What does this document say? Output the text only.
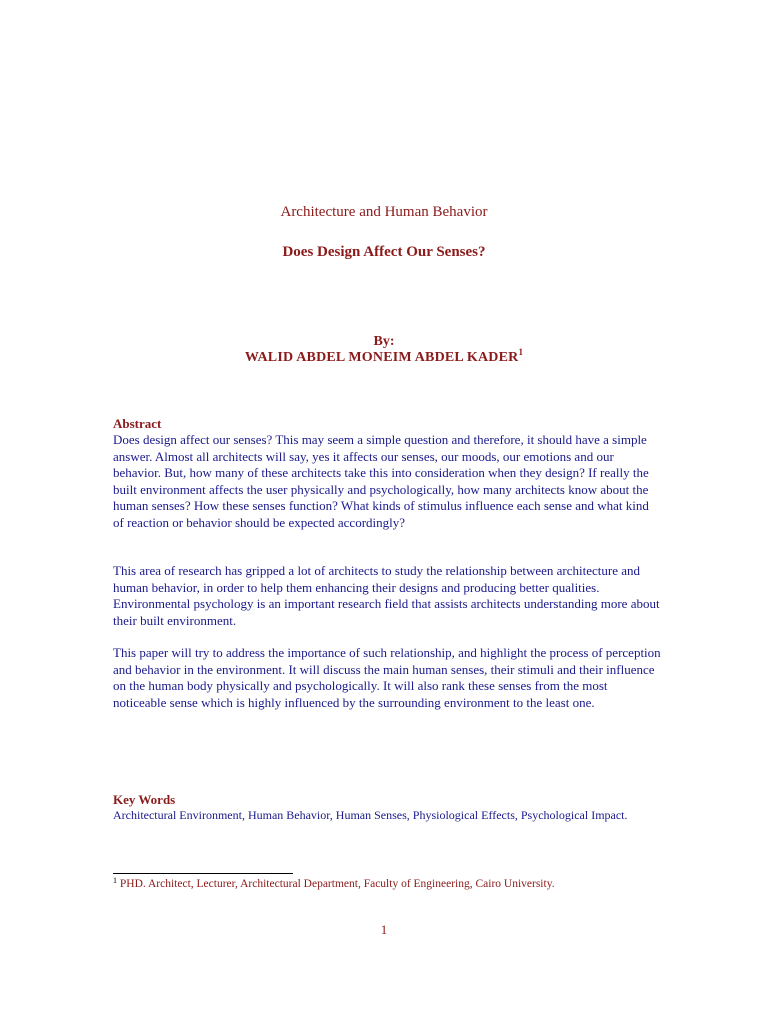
Architecture and Human Behavior
Does Design Affect Our Senses?
By:
WALID ABDEL MONEIM ABDEL KADER$^1$
Abstract
Does design affect our senses? This may seem a simple question and therefore, it should have a simple answer. Almost all architects will say, yes it affects our senses, our moods, our emotions and our behavior. But, how many of these architects take this into consideration when they design? If really the built environment affects the user physically and psychologically, how many architects know about the human senses? How these senses function? What kinds of stimulus influence each sense and what kind of reaction or behavior should be expected accordingly?
This area of research has gripped a lot of architects to study the relationship between architecture and human behavior, in order to help them enhancing their designs and producing better qualities. Environmental psychology is an important research field that assists architects understanding more about their built environment.
This paper will try to address the importance of such relationship, and highlight the process of perception and behavior in the environment. It will discuss the main human senses, their stimuli and their influence on the human body physically and psychologically. It will also rank these senses from the most noticeable sense which is highly influenced by the surrounding environment to the least one.
Key Words
Architectural Environment, Human Behavior, Human Senses, Physiological Effects, Psychological Impact.
$^1$ PHD. Architect, Lecturer, Architectural Department, Faculty of Engineering, Cairo University.
1
